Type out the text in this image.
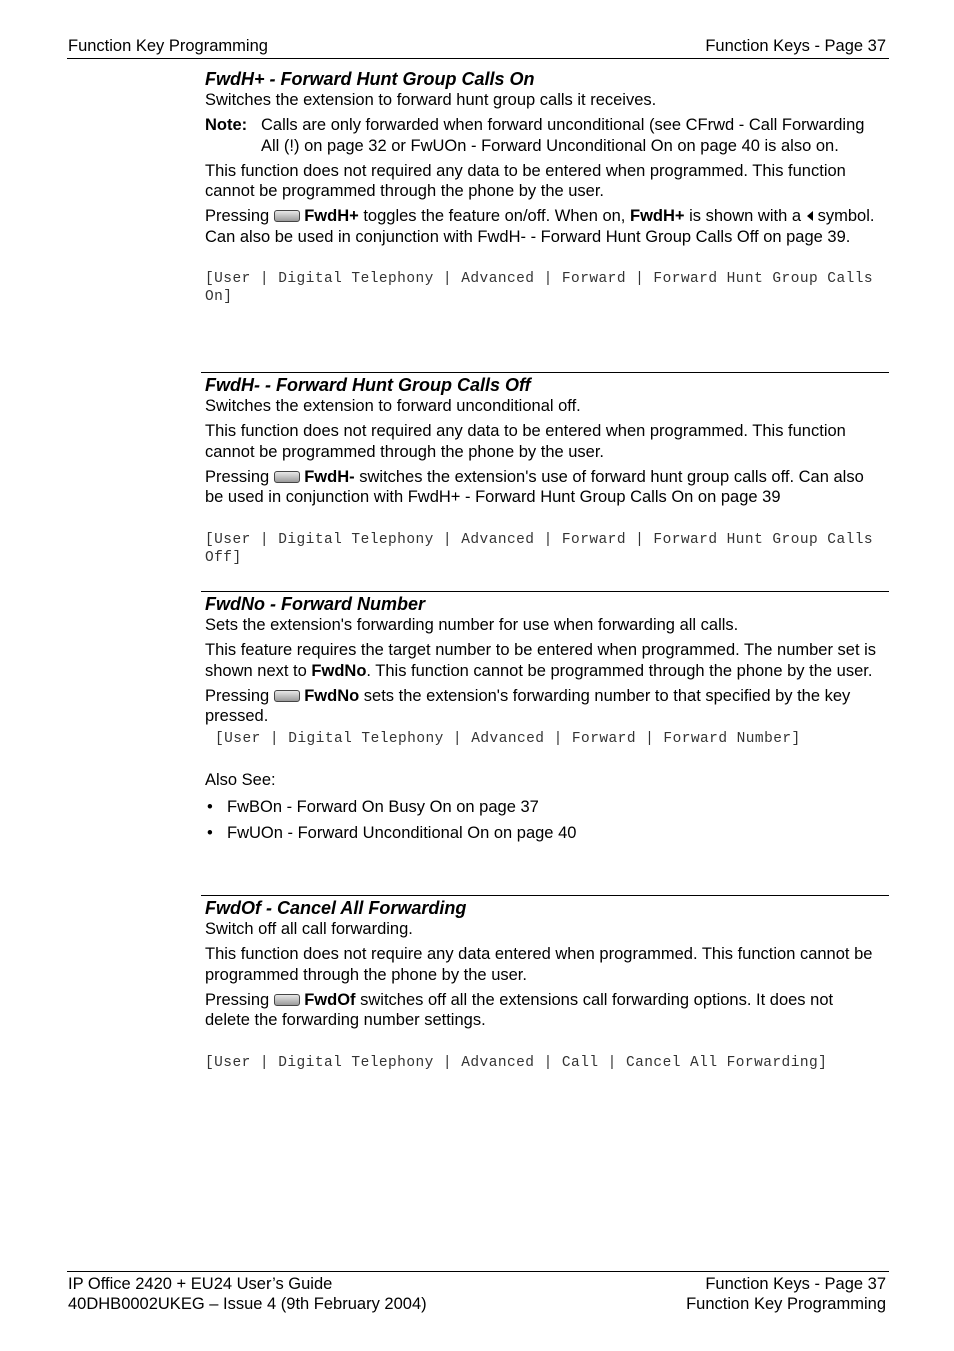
Function Key Programming	Function Keys - Page 37
FwdH+ - Forward Hunt Group Calls On

Switches the extension to forward hunt group calls it receives.

Note: Calls are only forwarded when forward unconditional (see CFrwd - Call Forwarding All (!) on page 32 or FwUOn - Forward Unconditional On on page 40 is also on.

This function does not required any data to be entered when programmed. This function cannot be programmed through the phone by the user.

Pressing FwdH+ toggles the feature on/off. When on, FwdH+ is shown with a symbol. Can also be used in conjunction with FwdH- - Forward Hunt Group Calls Off on page 39.

[User | Digital Telephony | Advanced | Forward | Forward Hunt Group Calls On]
FwdH- - Forward Hunt Group Calls Off

Switches the extension to forward unconditional off.

This function does not required any data to be entered when programmed. This function cannot be programmed through the phone by the user.

Pressing FwdH- switches the extension's use of forward hunt group calls off. Can also be used in conjunction with FwdH+ - Forward Hunt Group Calls On on page 39

[User | Digital Telephony | Advanced | Forward | Forward Hunt Group Calls Off]
FwdNo - Forward Number

Sets the extension's forwarding number for use when forwarding all calls.

This feature requires the target number to be entered when programmed. The number set is shown next to FwdNo. This function cannot be programmed through the phone by the user.

Pressing FwdNo sets the extension's forwarding number to that specified by the key pressed.

[User | Digital Telephony | Advanced | Forward | Forward Number]

Also See:

• FwBOn - Forward On Busy On on page 37
• FwUOn - Forward Unconditional On on page 40
FwdOf - Cancel All Forwarding

Switch off all call forwarding.

This function does not require any data entered when programmed. This function cannot be programmed through the phone by the user.

Pressing FwdOf switches off all the extensions call forwarding options. It does not delete the forwarding number settings.

[User | Digital Telephony | Advanced | Call | Cancel All Forwarding]
IP Office 2420 + EU24 User’s Guide	Function Keys - Page 37
40DHB0002UKEG – Issue 4 (9th February 2004)	Function Key Programming
